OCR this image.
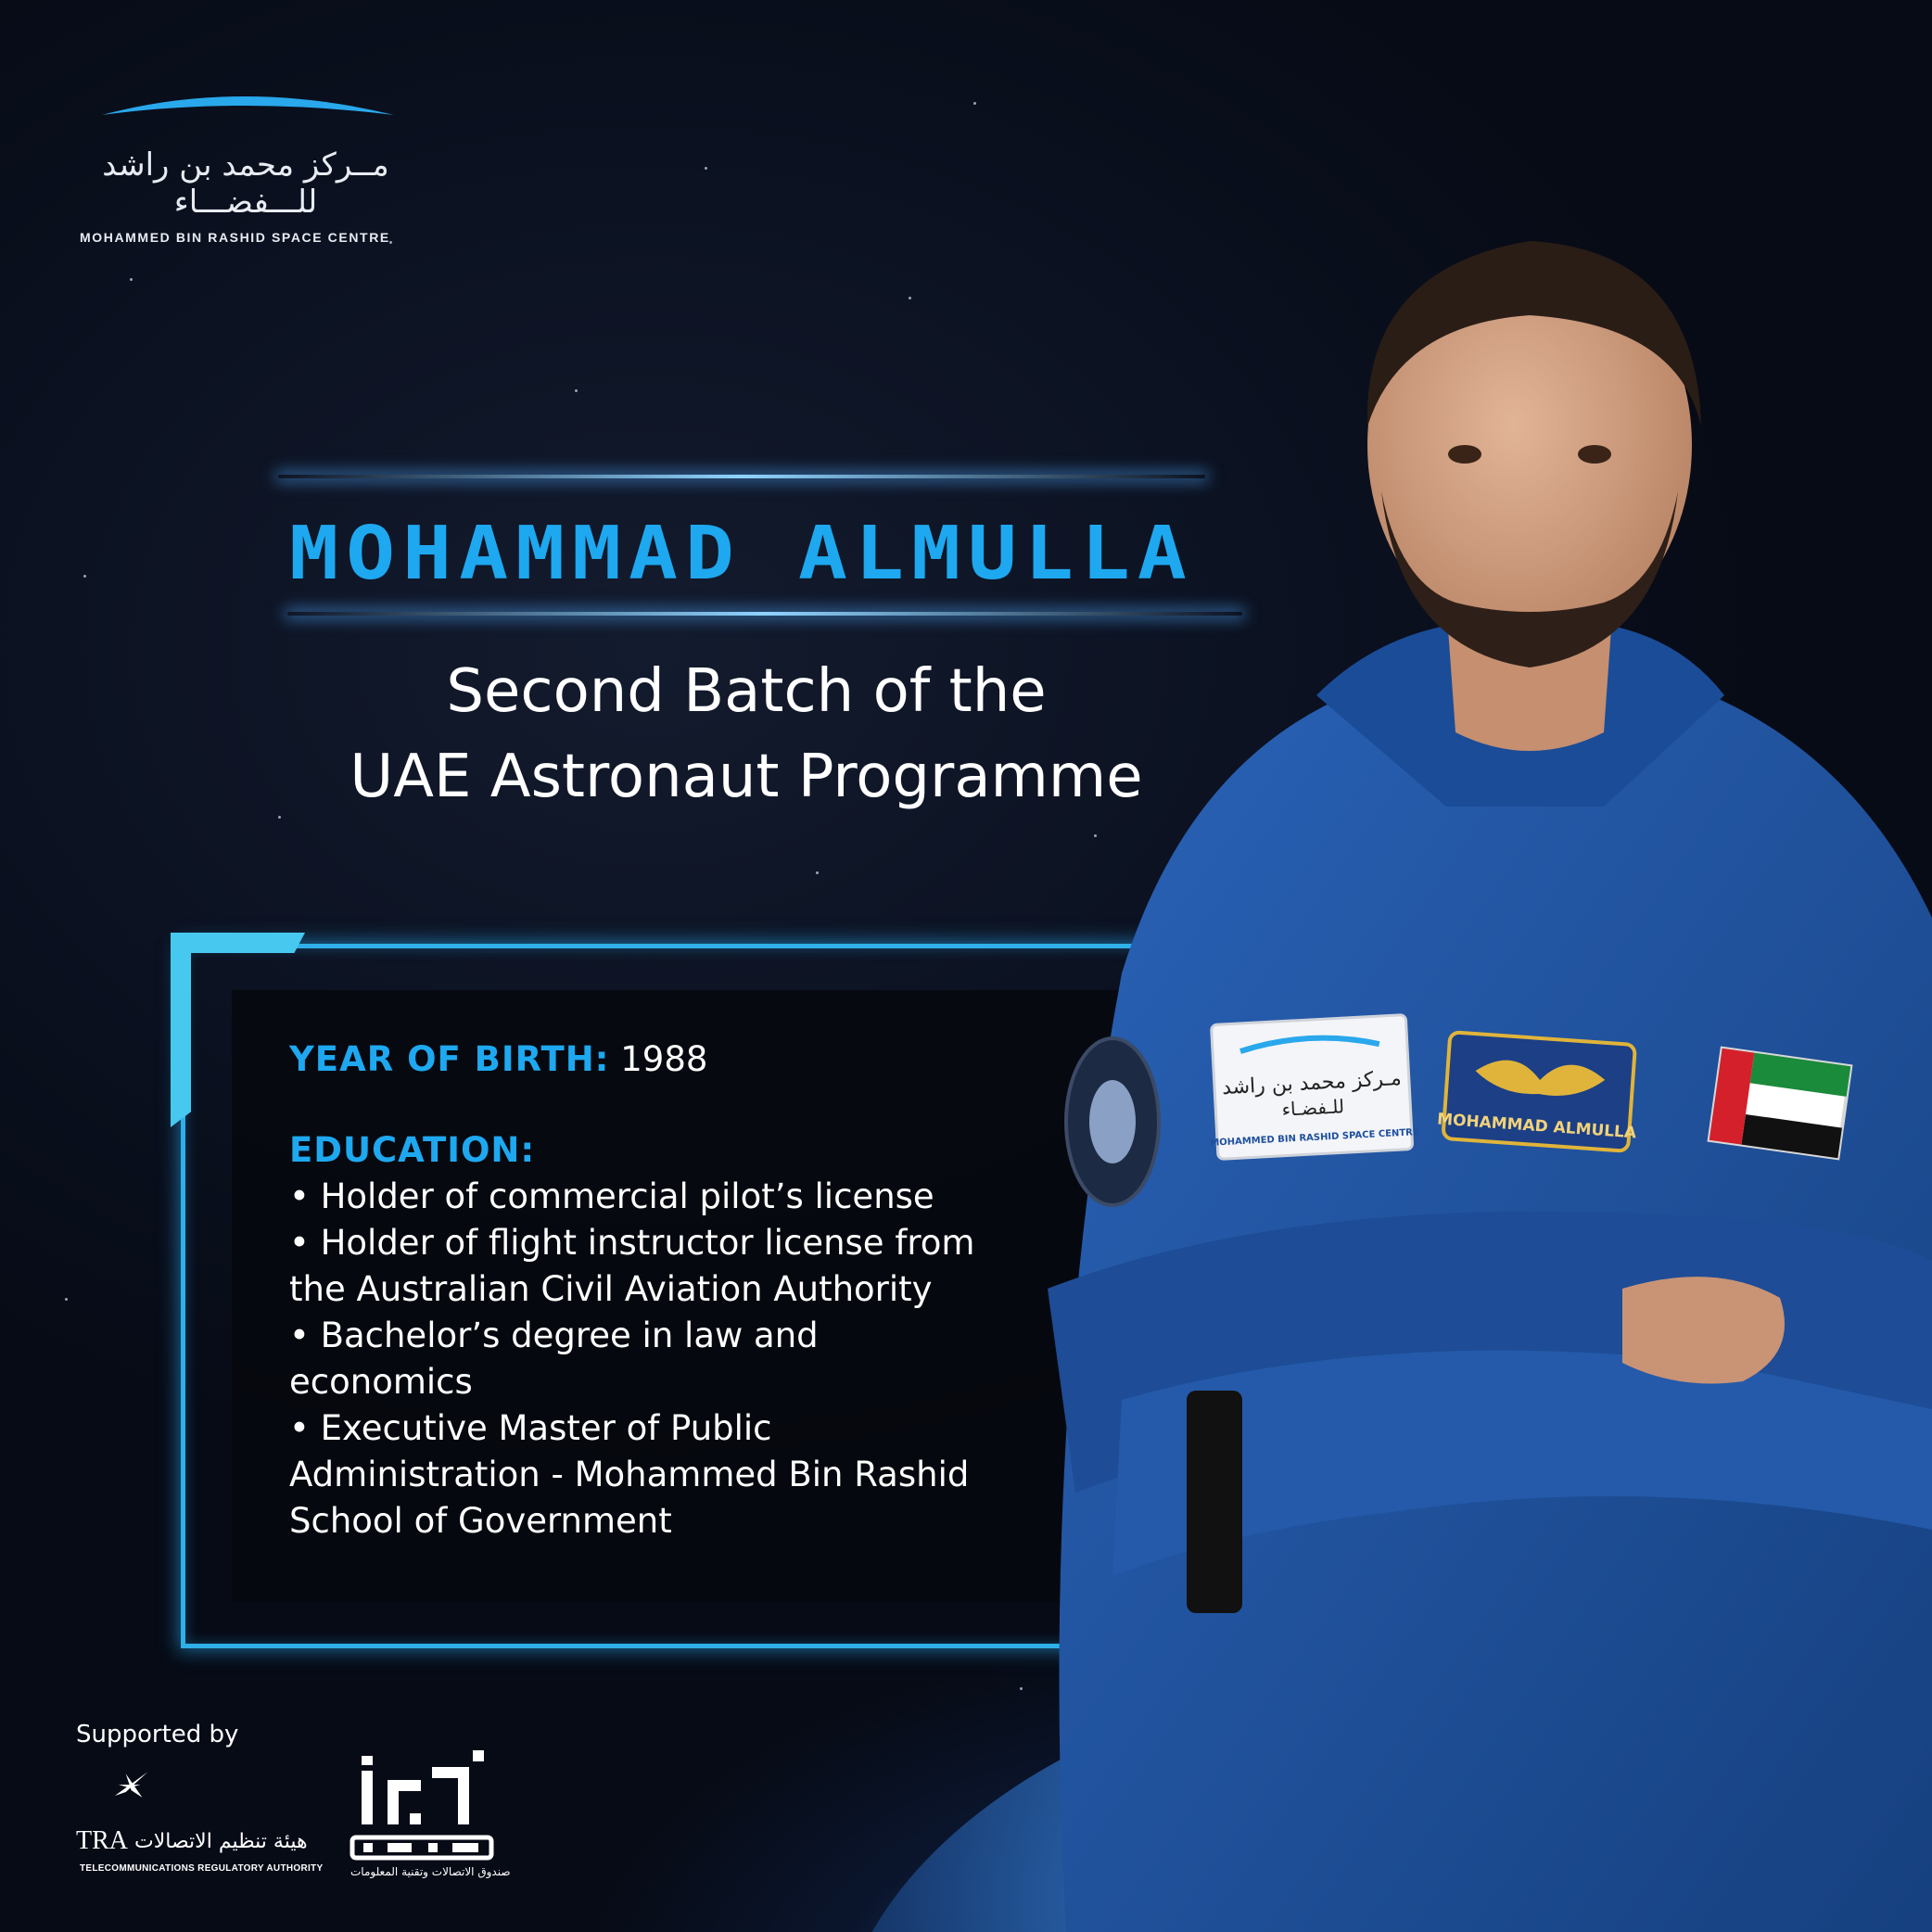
مــركز محمد بن راشد
للـــفضـــاء
MOHAMMED BIN RASHID SPACE CENTRE
MOHAMMAD ALMULLA
Second Batch of the
UAE Astronaut Programme
YEAR OF BIRTH: 1988
EDUCATION:
• Holder of commercial pilot’s license
• Holder of flight instructor license from
the Australian Civil Aviation Authority
• Bachelor’s degree in law and
economics
• Executive Master of Public
Administration - Mohammed Bin Rashid
School of Government
مـركز محمد بن راشد
للـفضـاء
MOHAMMED BIN RASHID SPACE CENTRE MOHAMMAD ALMULLA
Supported by
TRA هيئة تنظيم الاتصالات
TELECOMMUNICATIONS REGULATORY AUTHORITY صندوق الاتصالات وتقنية المعلومات
